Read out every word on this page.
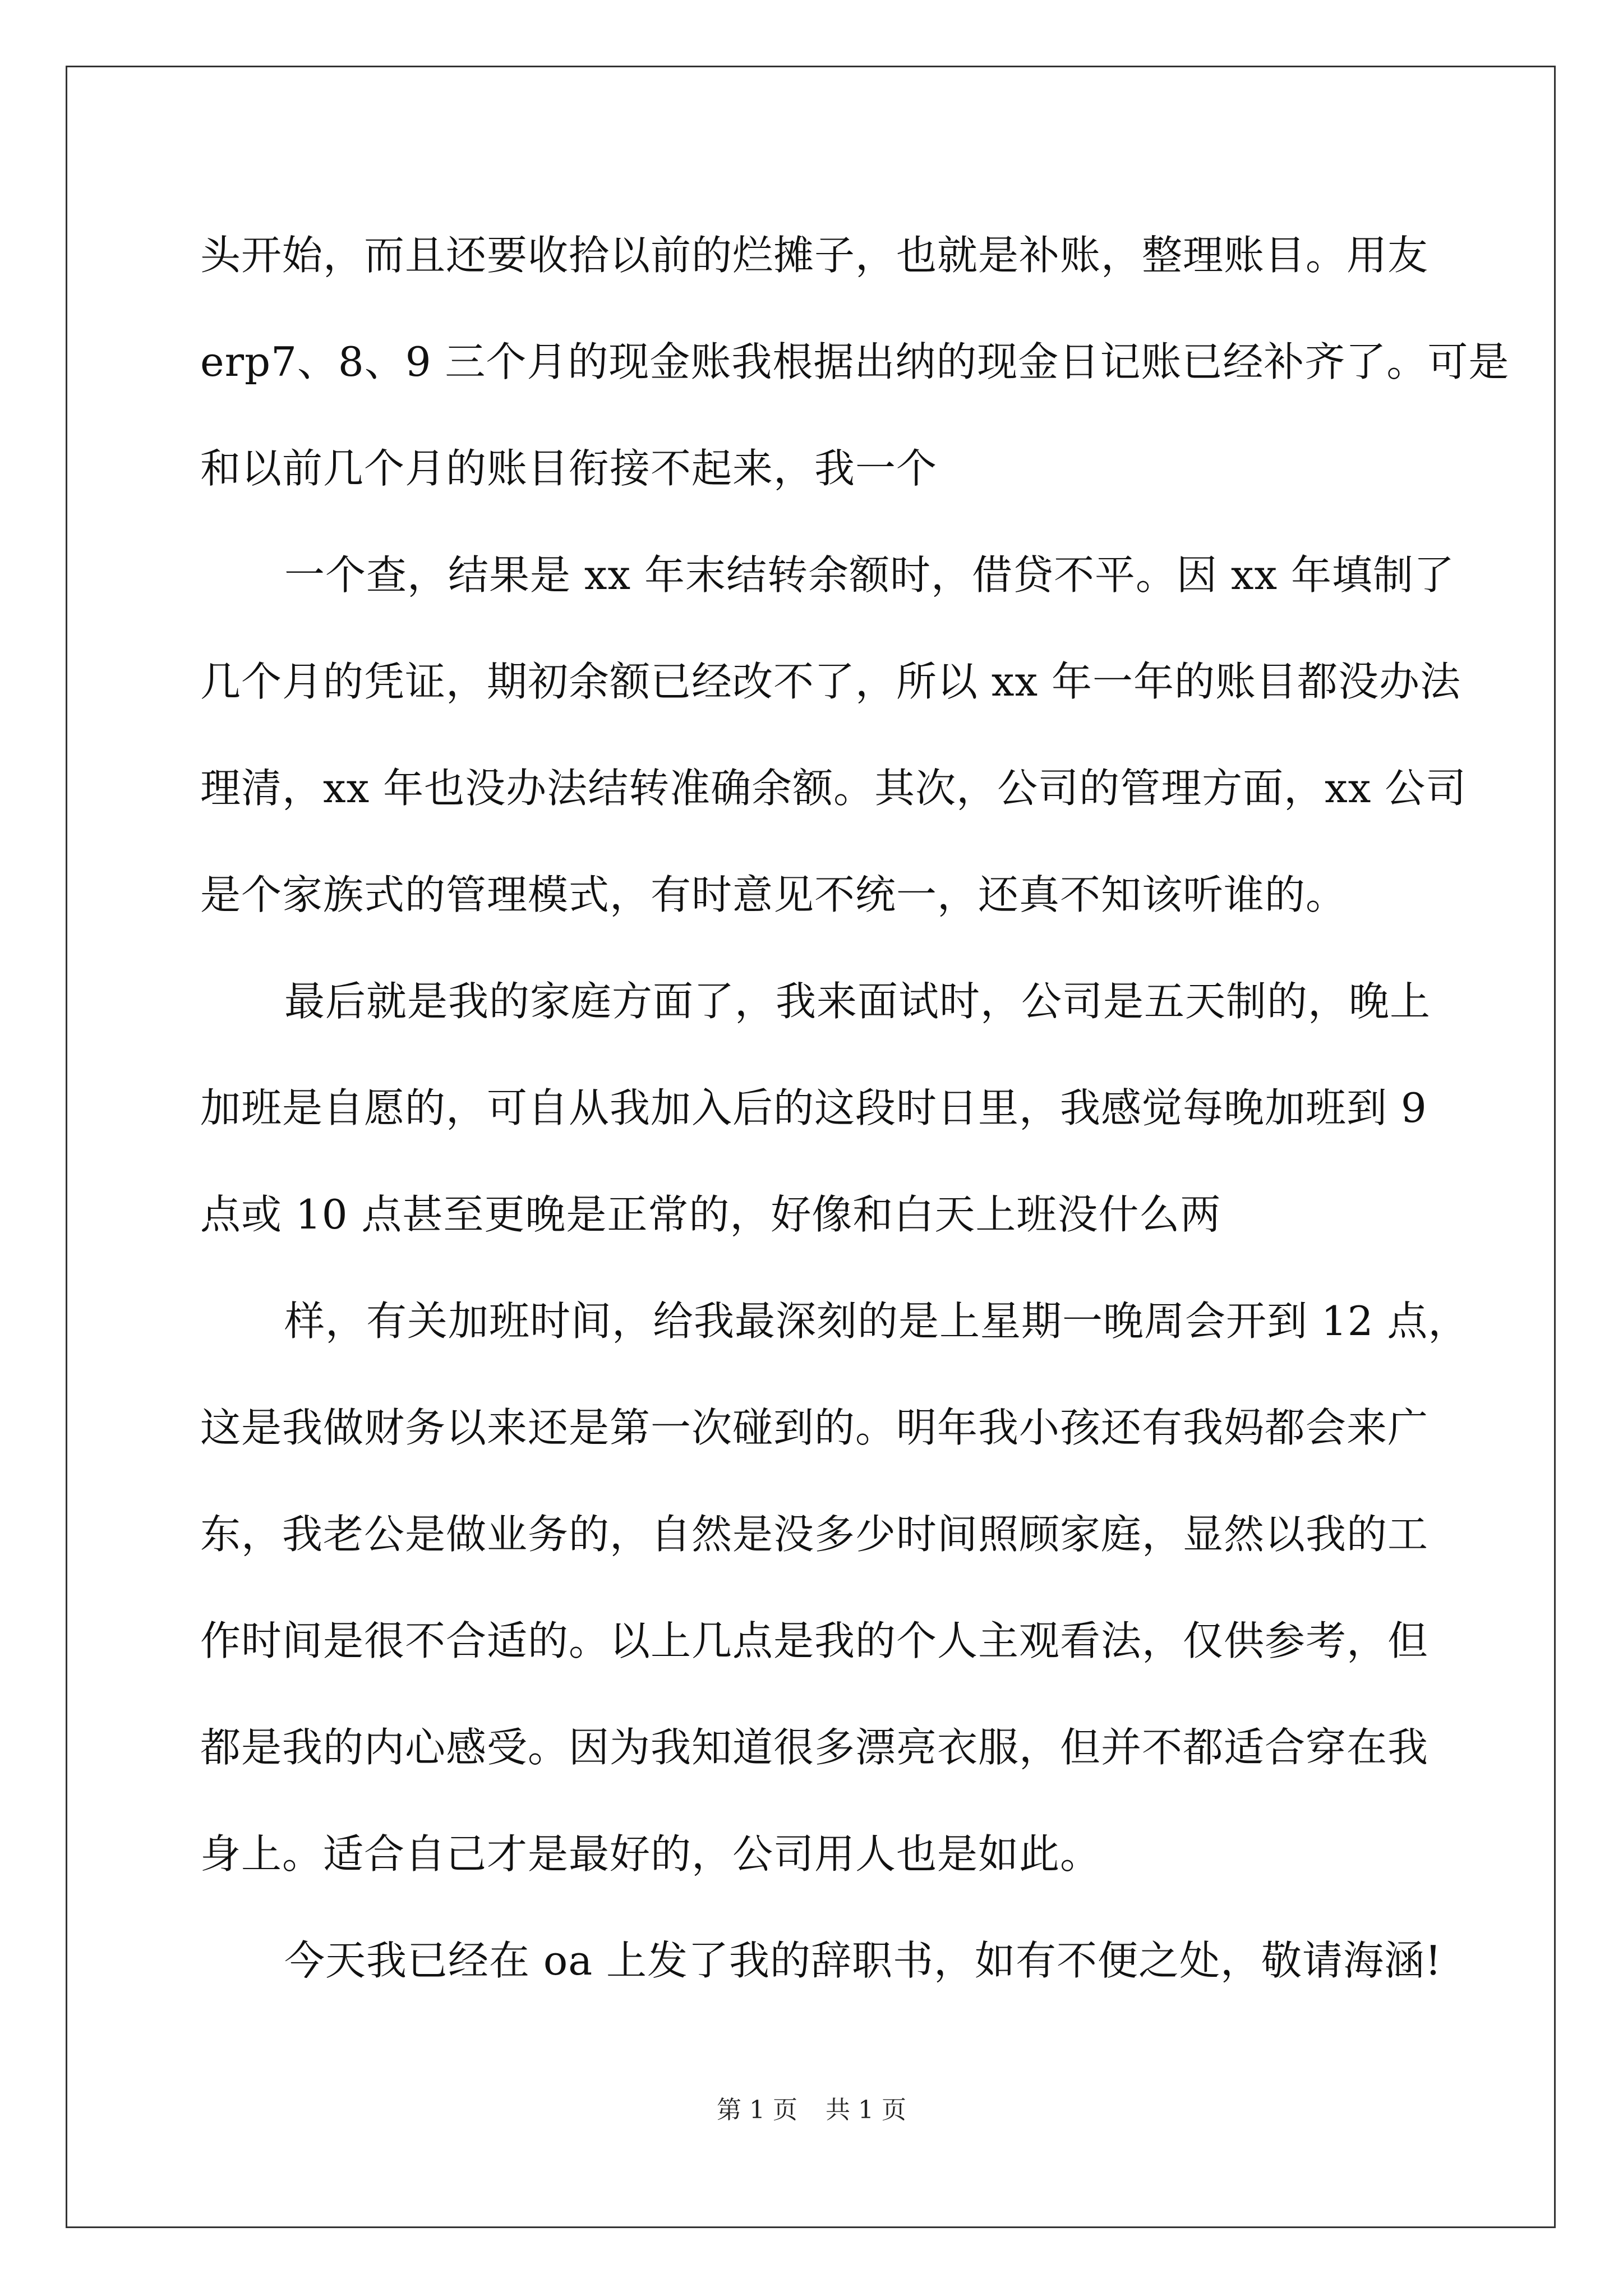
头开始，而且还要收拾以前的烂摊子，也就是补账，整理账目。用友
erp7、8、9 三个月的现金账我根据出纳的现金日记账已经补齐了。可是
和以前几个月的账目衔接不起来，我一个
一个查，结果是 xx 年末结转余额时，借贷不平。因 xx 年填制了
几个月的凭证，期初余额已经改不了，所以 xx 年一年的账目都没办法
理清，xx 年也没办法结转准确余额。其次，公司的管理方面，xx 公司
是个家族式的管理模式，有时意见不统一，还真不知该听谁的。
最后就是我的家庭方面了，我来面试时，公司是五天制的，晚上
加班是自愿的，可自从我加入后的这段时日里，我感觉每晚加班到 9
点或 10 点甚至更晚是正常的，好像和白天上班没什么两
样，有关加班时间，给我最深刻的是上星期一晚周会开到 12 点，
这是我做财务以来还是第一次碰到的。明年我小孩还有我妈都会来广
东，我老公是做业务的，自然是没多少时间照顾家庭，显然以我的工
作时间是很不合适的。以上几点是我的个人主观看法，仅供参考，但
都是我的内心感受。因为我知道很多漂亮衣服，但并不都适合穿在我
身上。适合自己才是最好的，公司用人也是如此。
今天我已经在 oa 上发了我的辞职书，如有不便之处，敬请海涵!
第 1 页 共 1 页
